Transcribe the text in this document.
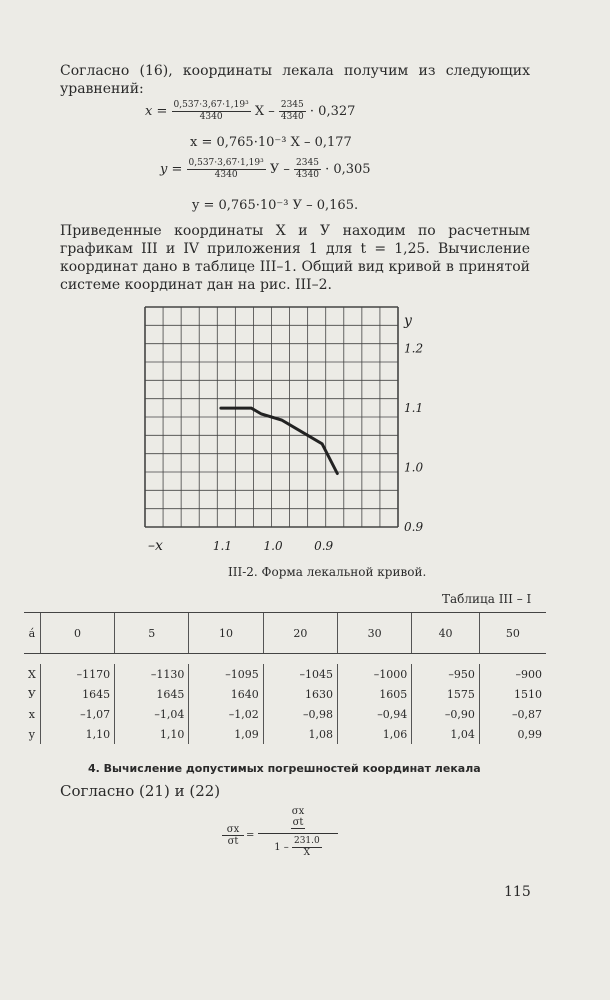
Согласно (16), координаты лекала получим из следующих уравнений:
$x = \frac{\text{0,537·3,67·1,19³}}{4340}$ $X - \frac{2345}{4340} \cdot 0,327$
x = 0,765·10⁻³ X – 0,177
$y = \frac{\text{0,537·3,67·1,19³}}{4340}$ $У - \frac{2345}{4340} \cdot 0,305$
y = 0,765·10⁻³ У – 0,165.
Приведенные координаты X и У находим по расчетным графикам III и IV приложения 1 для t = 1,25. Вычисление координат дано в таблице III–1. Общий вид кривой в принятой системе координат дан на рис. III–2.
1.1	1.0	0.9
1.2
1.1
1.0
0.9
y
–x
III-2. Форма лекальной кривой.
Таблица III – I
á	0	5	10	20	30	40	50

X	–1170	–1130	–1095	–1045	–1000	–950	–900
У	1645	1645	1640	1630	1605	1575	1510
x	–1,07	–1,04	–1,02	–0,98	–0,94	–0,90	–0,87
y	1,10	1,10	1,09	1,08	1,06	1,04	0,99
4. Вычисление допустимых погрешностей координат лекала
Согласно (21) и (22)
σx
σt
=
σx
σt
$1 - \frac{231.0}{X}$
115
